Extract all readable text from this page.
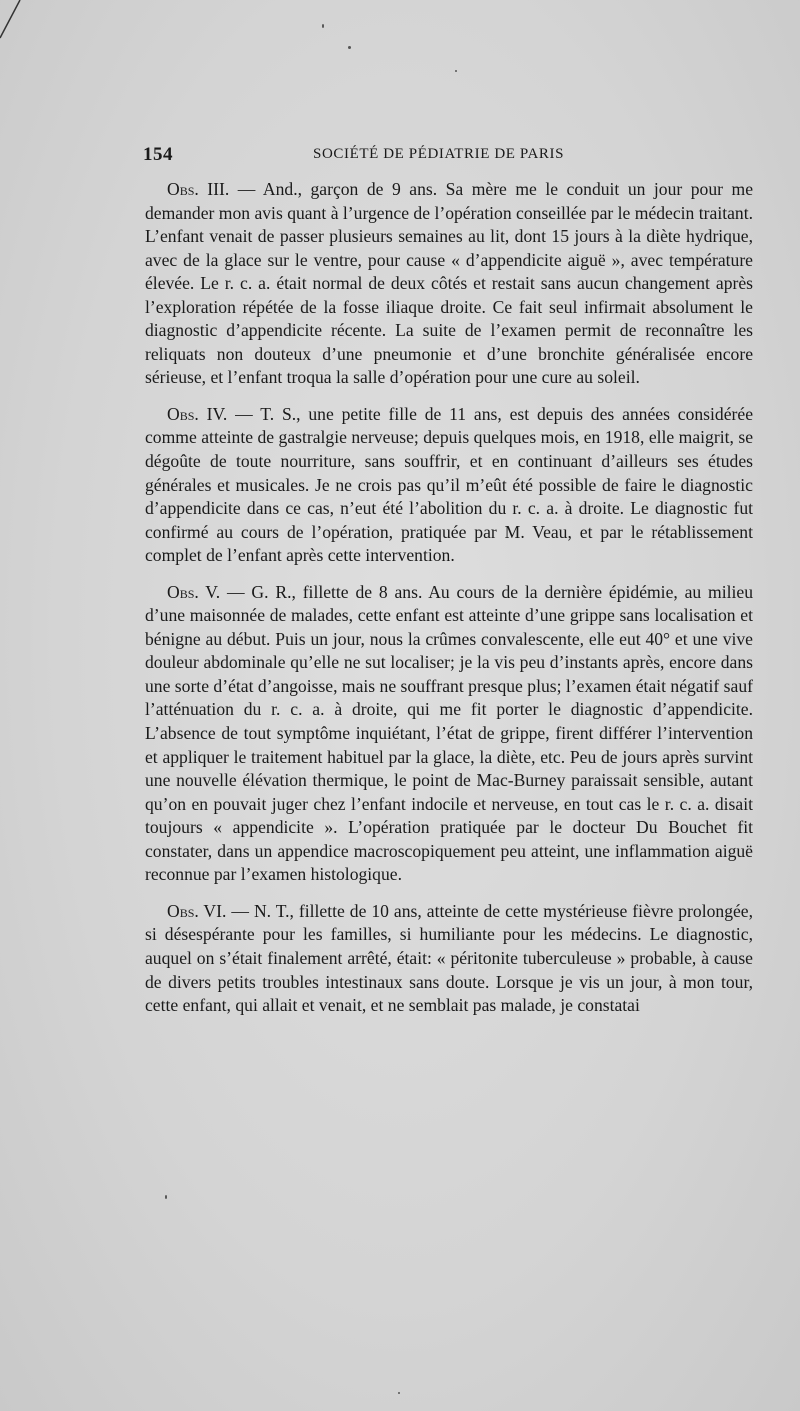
154	SOCIÉTÉ DE PÉDIATRIE DE PARIS

Obs. III. — And., garçon de 9 ans. Sa mère me le conduit un jour pour me demander mon avis quant à l’urgence de l’opération conseillée par le médecin traitant. L’enfant venait de passer plusieurs semaines au lit, dont 15 jours à la diète hydrique, avec de la glace sur le ventre, pour cause « d’appendicite aiguë », avec température élevée. Le r. c. a. était normal de deux côtés et restait sans aucun changement après l’exploration répétée de la fosse iliaque droite. Ce fait seul infirmait absolument le diagnostic d’appendicite récente. La suite de l’examen permit de reconnaître les reliquats non douteux d’une pneumonie et d’une bronchite généralisée encore sérieuse, et l’enfant troqua la salle d’opération pour une cure au soleil.

Obs. IV. — T. S., une petite fille de 11 ans, est depuis des années considérée comme atteinte de gastralgie nerveuse; depuis quelques mois, en 1918, elle maigrit, se dégoûte de toute nourriture, sans souffrir, et en continuant d’ailleurs ses études générales et musicales. Je ne crois pas qu’il m’eût été possible de faire le diagnostic d’appendicite dans ce cas, n’eut été l’abolition du r. c. a. à droite. Le diagnostic fut confirmé au cours de l’opération, pratiquée par M. Veau, et par le rétablissement complet de l’enfant après cette intervention.

Obs. V. — G. R., fillette de 8 ans. Au cours de la dernière épidémie, au milieu d’une maisonnée de malades, cette enfant est atteinte d’une grippe sans localisation et bénigne au début. Puis un jour, nous la crûmes convalescente, elle eut 40° et une vive douleur abdominale qu’elle ne sut localiser; je la vis peu d’instants après, encore dans une sorte d’état d’angoisse, mais ne souffrant presque plus; l’examen était négatif sauf l’atténuation du r. c. a. à droite, qui me fit porter le diagnostic d’appendicite. L’absence de tout symptôme inquiétant, l’état de grippe, firent différer l’intervention et appliquer le traitement habituel par la glace, la diète, etc. Peu de jours après survint une nouvelle élévation thermique, le point de Mac-Burney paraissait sensible, autant qu’on en pouvait juger chez l’enfant indocile et nerveuse, en tout cas le r. c. a. disait toujours « appendicite ». L’opération pratiquée par le docteur Du Bouchet fit constater, dans un appendice macroscopiquement peu atteint, une inflammation aiguë reconnue par l’examen histologique.

Obs. VI. — N. T., fillette de 10 ans, atteinte de cette mystérieuse fièvre prolongée, si désespérante pour les familles, si humiliante pour les médecins. Le diagnostic, auquel on s’était finalement arrêté, était: « péritonite tuberculeuse » probable, à cause de divers petits troubles intestinaux sans doute. Lorsque je vis un jour, à mon tour, cette enfant, qui allait et venait, et ne semblait pas malade, je constatai
